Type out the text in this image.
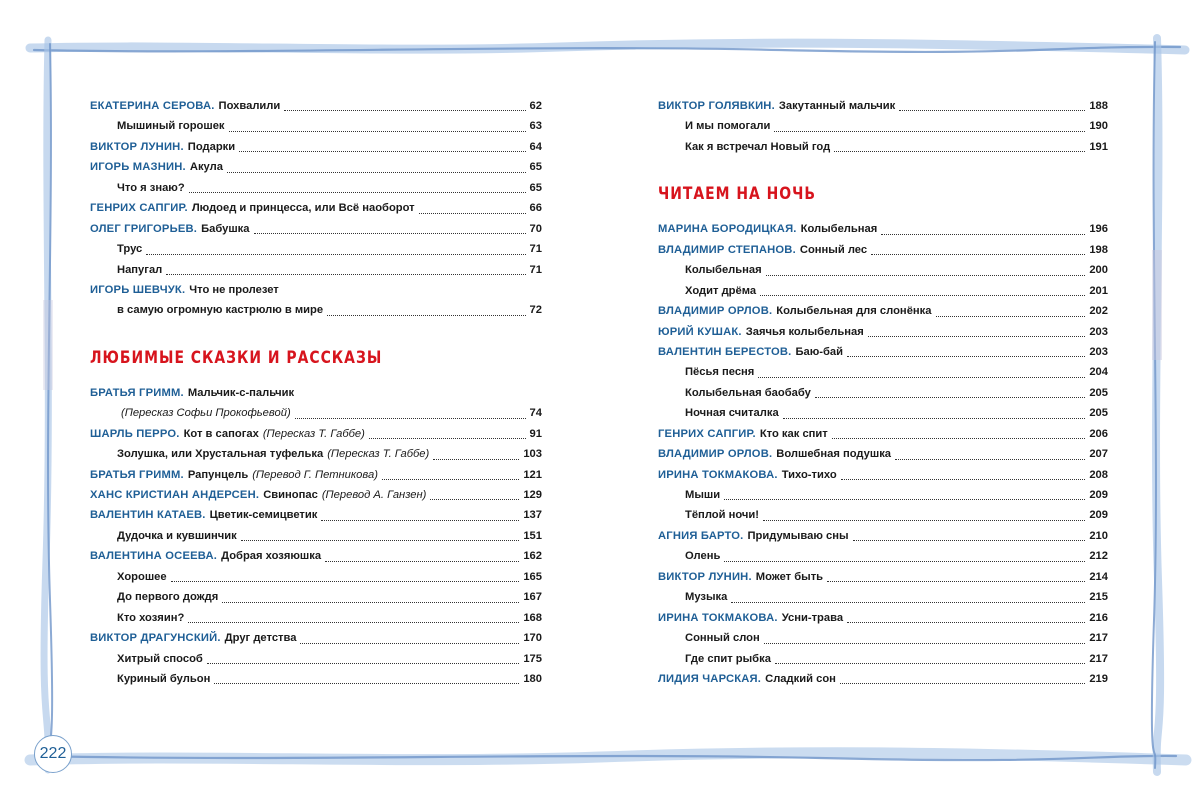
ЕКАТЕРИНА СЕРОВА. Похвалили	62
Мышиный горошек	63
ВИКТОР ЛУНИН. Подарки	64
ИГОРЬ МАЗНИН. Акула	65
Что я знаю?	65
ГЕНРИХ САПГИР. Людоед и принцесса, или Всё наоборот	66
ОЛЕГ ГРИГОРЬЕВ. Бабушка	70
Трус	71
Напугал	71
ИГОРЬ ШЕВЧУК. Что не пролезет
в самую огромную кастрюлю в мире	72
ЛЮБИМЫЕ СКАЗКИ И РАССКАЗЫ
БРАТЬЯ ГРИММ. Мальчик-с-пальчик
(Пересказ Софьи Прокофьевой)	74
ШАРЛЬ ПЕРРО. Кот в сапогах (Пересказ Т. Габбе)	91
Золушка, или Хрустальная туфелька (Пересказ Т. Габбе)	103
БРАТЬЯ ГРИММ. Рапунцель (Перевод Г. Петникова)	121
ХАНС КРИСТИАН АНДЕРСЕН. Свинопас (Перевод А. Ганзен)	129
ВАЛЕНТИН КАТАЕВ. Цветик-семицветик	137
Дудочка и кувшинчик	151
ВАЛЕНТИНА ОСЕЕВА. Добрая хозяюшка	162
Хорошее	165
До первого дождя	167
Кто хозяин?	168
ВИКТОР ДРАГУНСКИЙ. Друг детства	170
Хитрый способ	175
Куриный бульон	180
ВИКТОР ГОЛЯВКИН. Закутанный мальчик	188
И мы помогали	190
Как я встречал Новый год	191
ЧИТАЕМ НА НОЧЬ
МАРИНА БОРОДИЦКАЯ. Колыбельная	196
ВЛАДИМИР СТЕПАНОВ. Сонный лес	198
Колыбельная	200
Ходит дрёма	201
ВЛАДИМИР ОРЛОВ. Колыбельная для слонёнка	202
ЮРИЙ КУШАК. Заячья колыбельная	203
ВАЛЕНТИН БЕРЕСТОВ. Баю-бай	203
Пёсья песня	204
Колыбельная баобабу	205
Ночная считалка	205
ГЕНРИХ САПГИР. Кто как спит	206
ВЛАДИМИР ОРЛОВ. Волшебная подушка	207
ИРИНА ТОКМАКОВА. Тихо-тихо	208
Мыши	209
Тёплой ночи!	209
АГНИЯ БАРТО. Придумываю сны	210
Олень	212
ВИКТОР ЛУНИН. Может быть	214
Музыка	215
ИРИНА ТОКМАКОВА. Усни-трава	216
Сонный слон	217
Где спит рыбка	217
ЛИДИЯ ЧАРСКАЯ. Сладкий сон	219
222
